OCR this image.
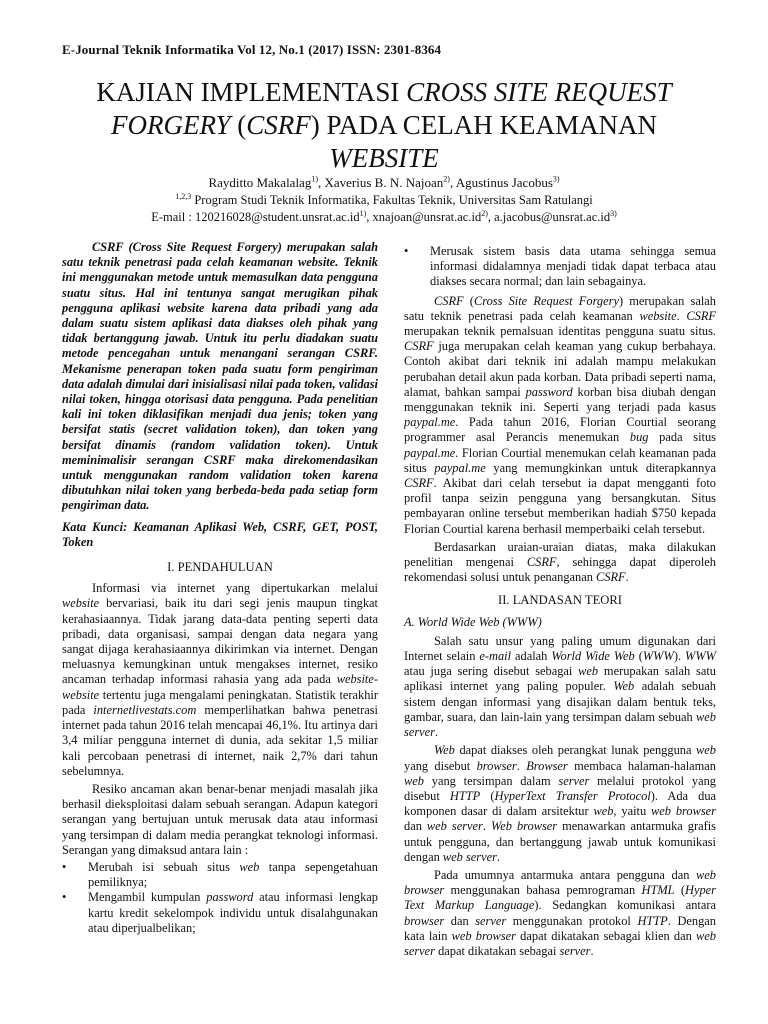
E-Journal Teknik Informatika Vol 12, No.1 (2017) ISSN: 2301-8364
KAJIAN IMPLEMENTASI CROSS SITE REQUEST FORGERY (CSRF) PADA CELAH KEAMANAN WEBSITE
Rayditto Makalalag$^{1)}$, Xaverius B. N. Najoan$^{2)}$, Agustinus Jacobus$^{3)}$
$^{1,2,3}$ Program Studi Teknik Informatika, Fakultas Teknik, Universitas Sam Ratulangi
E-mail : $120216028@student.unsrat.ac.id^{1)}$, $xnajoan@unsrat.ac.id^{2)}$, $a.jacobus@unsrat.ac.id^{3)}$

CSRF (Cross Site Request Forgery) merupakan salah satu teknik penetrasi pada celah keamanan website. Teknik ini menggunakan metode untuk memasulkan data pengguna suatu situs. Hal ini tentunya sangat merugikan pihak pengguna aplikasi website karena data pribadi yang ada dalam suatu sistem aplikasi data diakses oleh pihak yang tidak bertanggung jawab. Untuk itu perlu diadakan suatu metode pencegahan untuk menangani serangan CSRF. Mekanisme penerapan token pada suatu form pengiriman data adalah dimulai dari inisialisasi nilai pada token, validasi nilai token, hingga otorisasi data pengguna. Pada penelitian kali ini token diklasifikan menjadi dua jenis; token yang bersifat statis (secret validation token), dan token yang bersifat dinamis (random validation token). Untuk meminimalisir serangan CSRF maka direkomendasikan untuk menggunakan random validation token karena dibutuhkan nilai token yang berbeda-beda pada setiap form pengiriman data.

Kata Kunci: Keamanan Aplikasi Web, CSRF, GET, POST, Token

I. PENDAHULUAN

Informasi via internet yang dipertukarkan melalui website bervariasi, baik itu dari segi jenis maupun tingkat kerahasiaannya. Tidak jarang data-data penting seperti data pribadi, data organisasi, sampai dengan data negara yang sangat dijaga kerahasiaannya dikirimkan via internet. Dengan meluasnya kemungkinan untuk mengakses internet, resiko ancaman terhadap informasi rahasia yang ada pada website-website tertentu juga mengalami peningkatan. Statistik terakhir pada internetlivestats.com memperlihatkan bahwa penetrasi internet pada tahun 2016 telah mencapai 46,1%. Itu artinya dari 3,4 miliar pengguna internet di dunia, ada sekitar 1,5 miliar kali percobaan penetrasi di internet, naik 2,7% dari tahun sebelumnya.

Resiko ancaman akan benar-benar menjadi masalah jika berhasil dieksploitasi dalam sebuah serangan. Adapun kategori serangan yang bertujuan untuk merusak data atau informasi yang tersimpan di dalam media perangkat teknologi informasi. Serangan yang dimaksud antara lain :

•	Merubah isi sebuah situs web tanpa sepengetahuan pemiliknya;
•	Mengambil kumpulan password atau informasi lengkap kartu kredit sekelompok individu untuk disalahgunakan atau diperjualbelikan;
•	Merusak sistem basis data utama sehingga semua informasi didalamnya menjadi tidak dapat terbaca atau diakses secara normal; dan lain sebagainya.

CSRF (Cross Site Request Forgery) merupakan salah satu teknik penetrasi pada celah keamanan website. CSRF merupakan teknik pemalsuan identitas pengguna suatu situs. CSRF juga merupakan celah keaman yang cukup berbahaya. Contoh akibat dari teknik ini adalah mampu melakukan perubahan detail akun pada korban. Data pribadi seperti nama, alamat, bahkan sampai password korban bisa diubah dengan menggunakan teknik ini. Seperti yang terjadi pada kasus paypal.me. Pada tahun 2016, Florian Courtial seorang programmer asal Perancis menemukan bug pada situs paypal.me. Florian Courtial menemukan celah keamanan pada situs paypal.me yang memungkinkan untuk diterapkannya CSRF. Akibat dari celah tersebut ia dapat mengganti foto profil tanpa seizin pengguna yang bersangkutan. Situs pembayaran online tersebut memberikan hadiah $750 kepada Florian Courtial karena berhasil memperbaiki celah tersebut.

Berdasarkan uraian-uraian diatas, maka dilakukan penelitian mengenai CSRF, sehingga dapat diperoleh rekomendasi solusi untuk penanganan CSRF.

II. LANDASAN TEORI
A. World Wide Web (WWW)

Salah satu unsur yang paling umum digunakan dari Internet selain e-mail adalah World Wide Web (WWW). WWW atau juga sering disebut sebagai web merupakan salah satu aplikasi internet yang paling populer. Web adalah sebuah sistem dengan informasi yang disajikan dalam bentuk teks, gambar, suara, dan lain-lain yang tersimpan dalam sebuah web server.

Web dapat diakses oleh perangkat lunak pengguna web yang disebut browser. Browser membaca halaman-halaman web yang tersimpan dalam server melalui protokol yang disebut HTTP (HyperText Transfer Protocol). Ada dua komponen dasar di dalam arsitektur web, yaitu web browser dan web server. Web browser menawarkan antarmuka grafis untuk pengguna, dan bertanggung jawab untuk komunikasi dengan web server.

Pada umumnya antarmuka antara pengguna dan web browser menggunakan bahasa pemrograman HTML (Hyper Text Markup Language). Sedangkan komunikasi antara browser dan server menggunakan protokol HTTP. Dengan kata lain web browser dapat dikatakan sebagai klien dan web server dapat dikatakan sebagai server.
